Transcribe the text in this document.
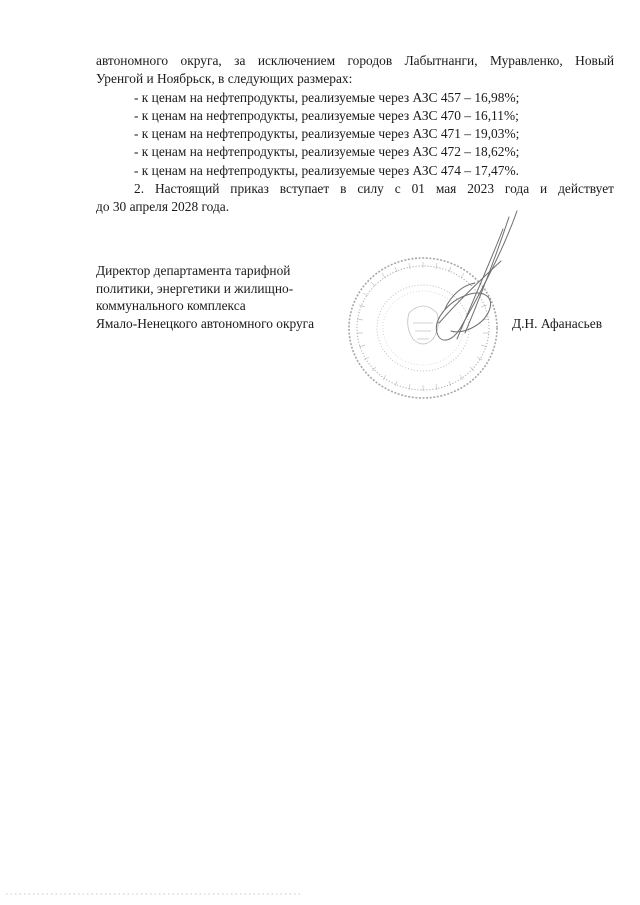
автономного округа, за исключением городов Лабытнанги, Муравленко, Новый
Уренгой и Ноябрьск, в следующих размерах:
- к ценам на нефтепродукты, реализуемые через АЗС 457 – 16,98%;
- к ценам на нефтепродукты, реализуемые через АЗС 470 – 16,11%;
- к ценам на нефтепродукты, реализуемые через АЗС 471 – 19,03%;
- к ценам на нефтепродукты, реализуемые через АЗС 472 – 18,62%;
- к ценам на нефтепродукты, реализуемые через АЗС 474 – 17,47%.
2. Настоящий приказ вступает в силу с 01 мая 2023 года и действует
до 30 апреля 2028 года.
Директор департамента тарифной
политики, энергетики и жилищно-
коммунального комплекса
Ямало-Ненецкого автономного округа	Д.Н. Афанасьев
